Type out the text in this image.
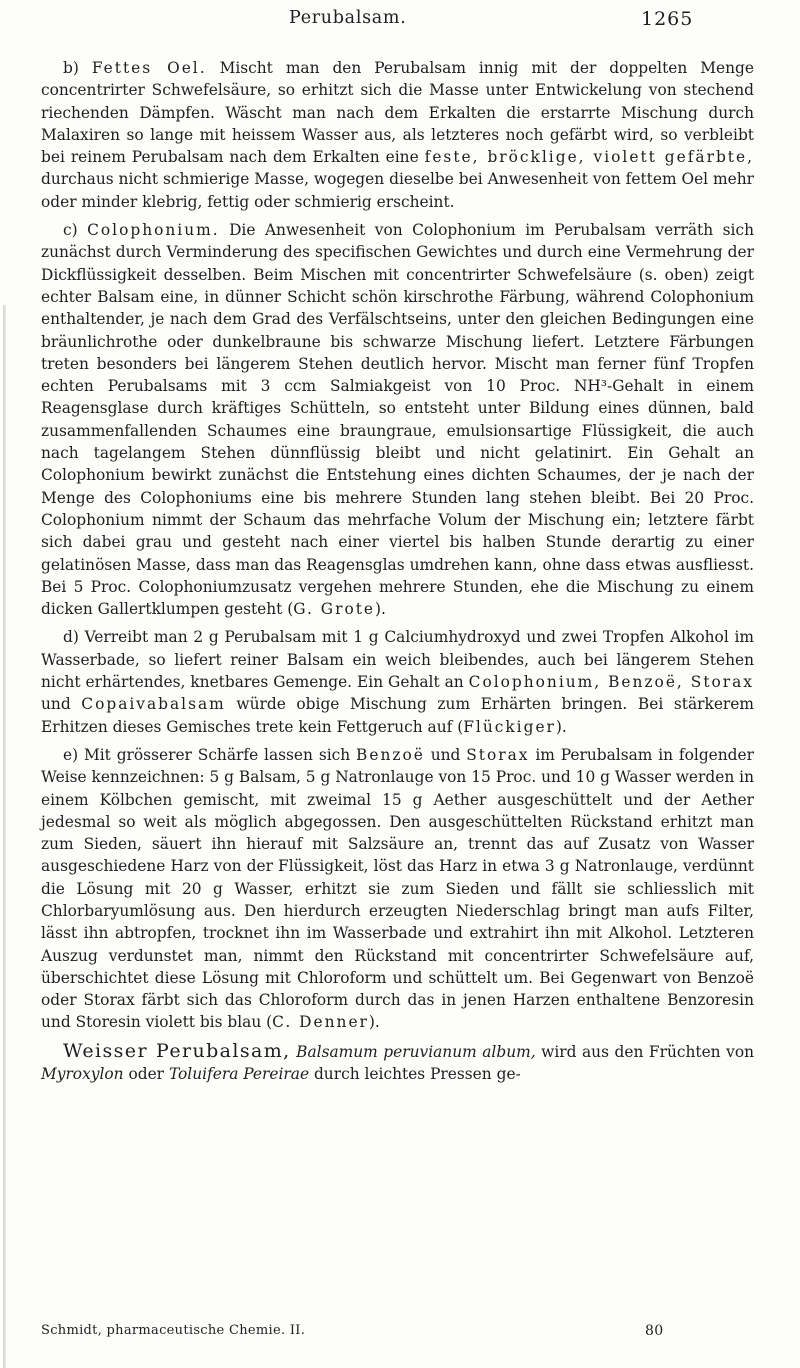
Perubalsam.	1265

b) Fettes Oel. Mischt man den Perubalsam innig mit der doppelten Menge concentrirter Schwefelsäure, so erhitzt sich die Masse unter Entwickelung von stechend riechenden Dämpfen. Wäscht man nach dem Erkalten die erstarrte Mischung durch Malaxiren so lange mit heissem Wasser aus, als letzteres noch gefärbt wird, so verbleibt bei reinem Perubalsam nach dem Erkalten eine feste, bröcklige, violett gefärbte, durchaus nicht schmierige Masse, wogegen dieselbe bei Anwesenheit von fettem Oel mehr oder minder klebrig, fettig oder schmierig erscheint.

c) Colophonium. Die Anwesenheit von Colophonium im Perubalsam verräth sich zunächst durch Verminderung des specifischen Gewichtes und durch eine Vermehrung der Dickflüssigkeit desselben. Beim Mischen mit concentrirter Schwefelsäure (s. oben) zeigt echter Balsam eine, in dünner Schicht schön kirschrothe Färbung, während Colophonium enthaltender, je nach dem Grad des Verfälschtseins, unter den gleichen Bedingungen eine bräunlichrothe oder dunkelbraune bis schwarze Mischung liefert. Letztere Färbungen treten besonders bei längerem Stehen deutlich hervor. Mischt man ferner fünf Tropfen echten Perubalsams mit 3 ccm Salmiakgeist von 10 Proc. NH³-Gehalt in einem Reagensglase durch kräftiges Schütteln, so entsteht unter Bildung eines dünnen, bald zusammenfallenden Schaumes eine braungraue, emulsionsartige Flüssigkeit, die auch nach tagelangem Stehen dünnflüssig bleibt und nicht gelatinirt. Ein Gehalt an Colophonium bewirkt zunächst die Entstehung eines dichten Schaumes, der je nach der Menge des Colophoniums eine bis mehrere Stunden lang stehen bleibt. Bei 20 Proc. Colophonium nimmt der Schaum das mehrfache Volum der Mischung ein; letztere färbt sich dabei grau und gesteht nach einer viertel bis halben Stunde derartig zu einer gelatinösen Masse, dass man das Reagensglas umdrehen kann, ohne dass etwas ausfliesst. Bei 5 Proc. Colophoniumzusatz vergehen mehrere Stunden, ehe die Mischung zu einem dicken Gallertklumpen gesteht (G. Grote).

d) Verreibt man 2 g Perubalsam mit 1 g Calciumhydroxyd und zwei Tropfen Alkohol im Wasserbade, so liefert reiner Balsam ein weich bleibendes, auch bei längerem Stehen nicht erhärtendes, knetbares Gemenge. Ein Gehalt an Colophonium, Benzoë, Storax und Copaivabalsam würde obige Mischung zum Erhärten bringen. Bei stärkerem Erhitzen dieses Gemisches trete kein Fettgeruch auf (Flückiger).

e) Mit grösserer Schärfe lassen sich Benzoë und Storax im Perubalsam in folgender Weise kennzeichnen: 5 g Balsam, 5 g Natronlauge von 15 Proc. und 10 g Wasser werden in einem Kölbchen gemischt, mit zweimal 15 g Aether ausgeschüttelt und der Aether jedesmal so weit als möglich abgegossen. Den ausgeschüttelten Rückstand erhitzt man zum Sieden, säuert ihn hierauf mit Salzsäure an, trennt das auf Zusatz von Wasser ausgeschiedene Harz von der Flüssigkeit, löst das Harz in etwa 3 g Natronlauge, verdünnt die Lösung mit 20 g Wasser, erhitzt sie zum Sieden und fällt sie schliesslich mit Chlorbaryumlösung aus. Den hierdurch erzeugten Niederschlag bringt man aufs Filter, lässt ihn abtropfen, trocknet ihn im Wasserbade und extrahirt ihn mit Alkohol. Letzteren Auszug verdunstet man, nimmt den Rückstand mit concentrirter Schwefelsäure auf, überschichtet diese Lösung mit Chloroform und schüttelt um. Bei Gegenwart von Benzoë oder Storax färbt sich das Chloroform durch das in jenen Harzen enthaltene Benzoresin und Storesin violett bis blau (C. Denner).

Weisser Perubalsam, Balsamum peruvianum album, wird aus den Früchten von Myroxylon oder Toluifera Pereirae durch leichtes Pressen ge-

Schmidt, pharmaceutische Chemie. II.	80
